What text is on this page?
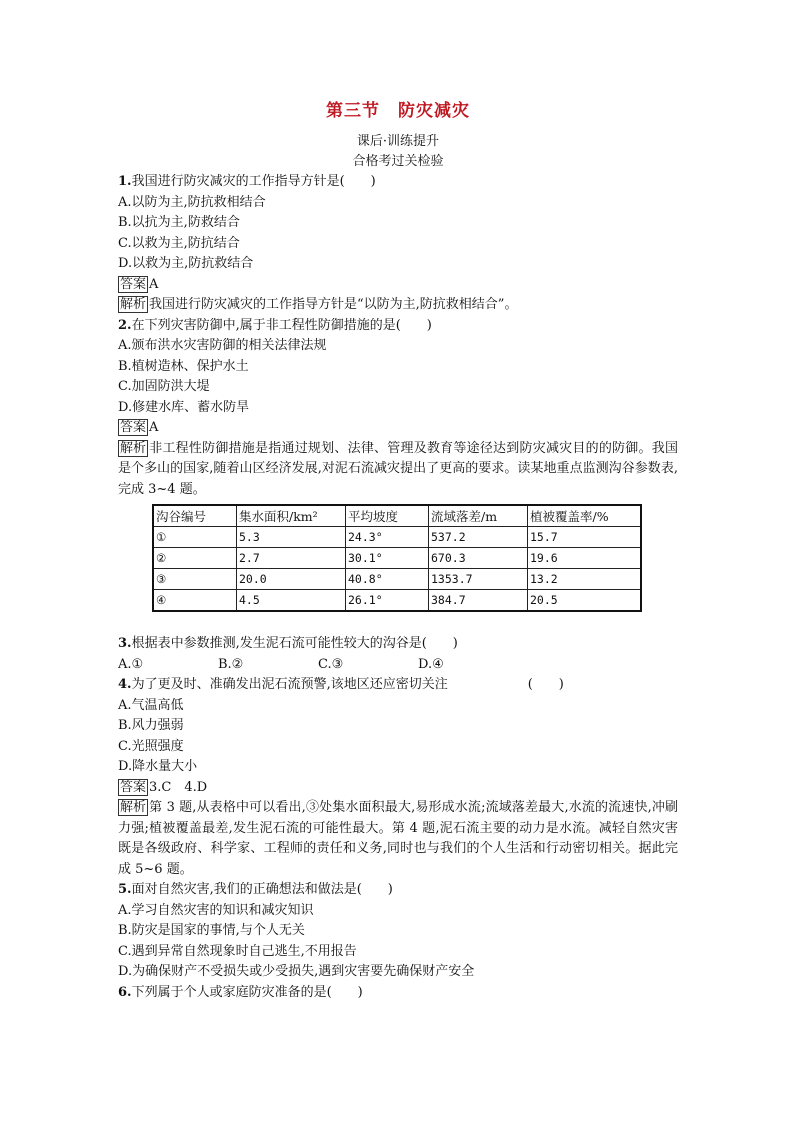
第三节　防灾减灾
课后·训练提升
合格考过关检验
1.我国进行防灾减灾的工作指导方针是(　　)
A.以防为主,防抗救相结合
B.以抗为主,防救结合
C.以救为主,防抗结合
D.以救为主,防抗救结合
答案 A
解析 我国进行防灾减灾的工作指导方针是“以防为主,防抗救相结合”。
2.在下列灾害防御中,属于非工程性防御措施的是(　　)
A.颁布洪水灾害防御的相关法律法规
B.植树造林、保护水土
C.加固防洪大堤
D.修建水库、蓄水防旱
答案 A
解析 非工程性防御措施是指通过规划、法律、管理及教育等途径达到防灾减灾目的的防御。我国是个多山的国家,随着山区经济发展,对泥石流减灾提出了更高的要求。读某地重点监测沟谷参数表,完成 3~4 题。
沟谷编号	集水面积/km²	平均坡度	流域落差/m	植被覆盖率/%
①	5.3	24.3°	537.2	15.7
②	2.7	30.1°	670.3	19.6
③	20.0	40.8°	1353.7	13.2
④	4.5	26.1°	384.7	20.5
3.根据表中参数推测,发生泥石流可能性较大的沟谷是(　　)
A.①	B.②	C.③	D.④
4.为了更及时、准确发出泥石流预警,该地区还应密切关注	(　　)
A.气温高低
B.风力强弱
C.光照强度
D.降水量大小
答案 3.C　4.D
解析 第 3 题,从表格中可以看出,③处集水面积最大,易形成水流;流域落差最大,水流的流速快,冲刷力强;植被覆盖最差,发生泥石流的可能性最大。第 4 题,泥石流主要的动力是水流。减轻自然灾害既是各级政府、科学家、工程师的责任和义务,同时也与我们的个人生活和行动密切相关。据此完成 5~6 题。
5.面对自然灾害,我们的正确想法和做法是(　　)
A.学习自然灾害的知识和减灾知识
B.防灾是国家的事情,与个人无关
C.遇到异常自然现象时自己逃生,不用报告
D.为确保财产不受损失或少受损失,遇到灾害要先确保财产安全
6.下列属于个人或家庭防灾准备的是(　　)
